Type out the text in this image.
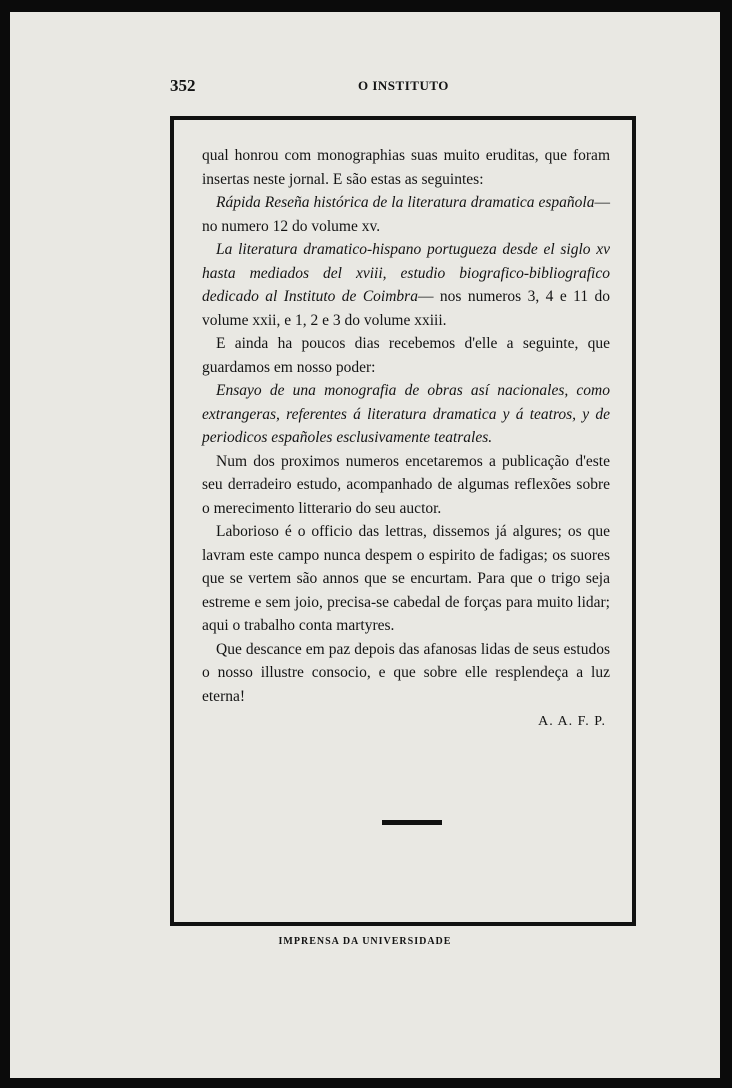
352	O INSTITUTO

qual honrou com monographias suas muito eruditas, que foram insertas neste jornal. E são estas as seguintes:

Rápida Reseña histórica de la literatura dramatica española— no numero 12 do volume xv.

La literatura dramatico-hispano portugueza desde el siglo xv hasta mediados del xviii, estudio biografico-bibliografico dedicado al Instituto de Coimbra— nos numeros 3, 4 e 11 do volume xxii, e 1, 2 e 3 do volume xxiii.

E ainda ha poucos dias recebemos d'elle a seguinte, que guardamos em nosso poder:

Ensayo de una monografia de obras así nacionales, como extrangeras, referentes á literatura dramatica y á teatros, y de periodicos españoles esclusivamente teatrales.

Num dos proximos numeros encetaremos a publicação d'este seu derradeiro estudo, acompanhado de algumas reflexões sobre o merecimento litterario do seu auctor.

Laborioso é o officio das lettras, dissemos já algures; os que lavram este campo nunca despem o espirito de fadigas; os suores que se vertem são annos que se encurtam. Para que o trigo seja estreme e sem joio, precisa-se cabedal de forças para muito lidar; aqui o trabalho conta martyres.

Que descance em paz depois das afanosas lidas de seus estudos o nosso illustre consocio, e que sobre elle resplendeça a luz eterna!

A. A. F. P.

IMPRENSA DA UNIVERSIDADE
